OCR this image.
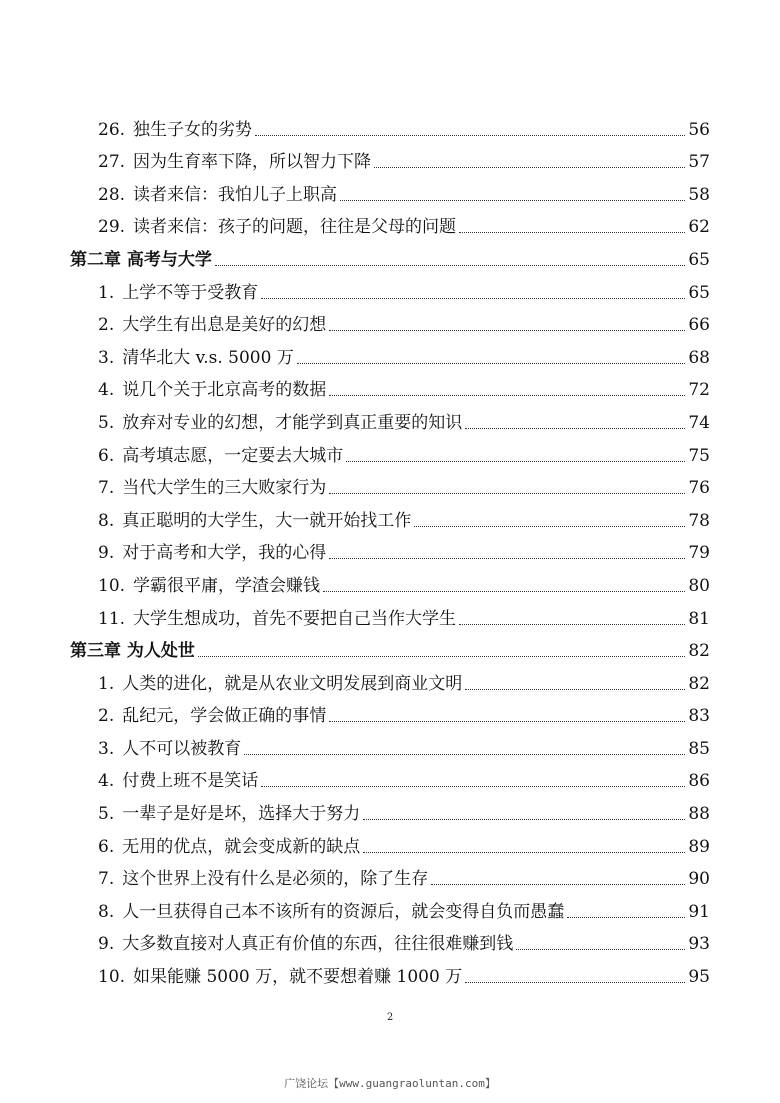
26. 独生子女的劣势	56
27. 因为生育率下降，所以智力下降	57
28. 读者来信：我怕儿子上职高	58
29. 读者来信：孩子的问题，往往是父母的问题	62
第二章 高考与大学	65
1. 上学不等于受教育	65
2. 大学生有出息是美好的幻想	66
3. 清华北大 v.s. 5000 万	68
4. 说几个关于北京高考的数据	72
5. 放弃对专业的幻想，才能学到真正重要的知识	74
6. 高考填志愿，一定要去大城市	75
7. 当代大学生的三大败家行为	76
8. 真正聪明的大学生，大一就开始找工作	78
9. 对于高考和大学，我的心得	79
10. 学霸很平庸，学渣会赚钱	80
11. 大学生想成功，首先不要把自己当作大学生	81
第三章 为人处世	82
1. 人类的进化，就是从农业文明发展到商业文明	82
2. 乱纪元，学会做正确的事情	83
3. 人不可以被教育	85
4. 付费上班不是笑话	86
5. 一辈子是好是坏，选择大于努力	88
6. 无用的优点，就会变成新的缺点	89
7. 这个世界上没有什么是必须的，除了生存	90
8. 人一旦获得自己本不该所有的资源后，就会变得自负而愚蠢	91
9. 大多数直接对人真正有价值的东西，往往很难赚到钱	93
10. 如果能赚 5000 万，就不要想着赚 1000 万	95
2
广饶论坛【www.guangraoluntan.com】
